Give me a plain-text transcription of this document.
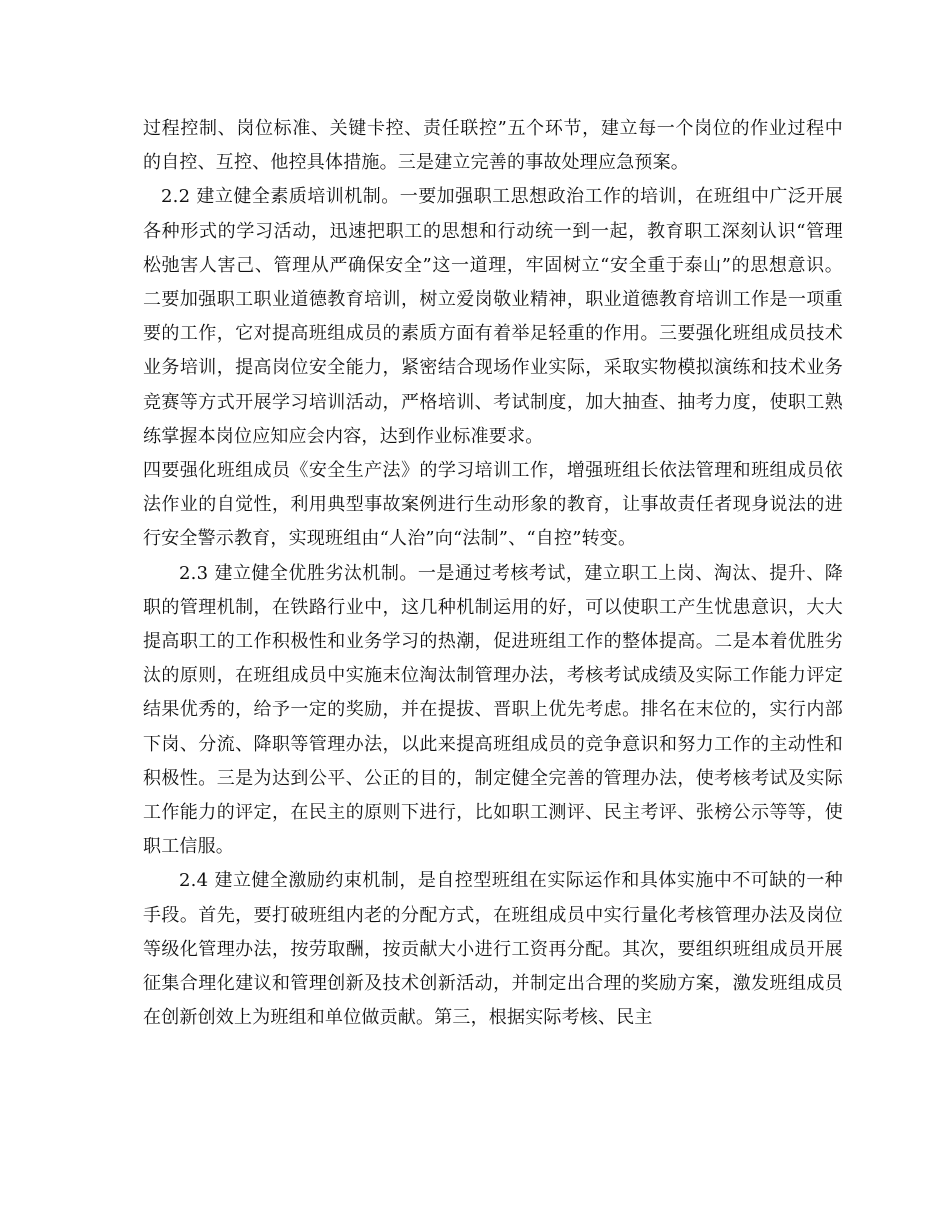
过程控制、岗位标准、关键卡控、责任联控”五个环节，建立每一个岗位的作业过程中的自控、互控、他控具体措施。三是建立完善的事故处理应急预案。

2.2 建立健全素质培训机制。一要加强职工思想政治工作的培训，在班组中广泛开展各种形式的学习活动，迅速把职工的思想和行动统一到一起，教育职工深刻认识“管理松弛害人害己、管理从严确保安全”这一道理，牢固树立“安全重于泰山”的思想意识。二要加强职工职业道德教育培训，树立爱岗敬业精神，职业道德教育培训工作是一项重要的工作，它对提高班组成员的素质方面有着举足轻重的作用。三要强化班组成员技术业务培训，提高岗位安全能力，紧密结合现场作业实际，采取实物模拟演练和技术业务竞赛等方式开展学习培训活动，严格培训、考试制度，加大抽查、抽考力度，使职工熟练掌握本岗位应知应会内容，达到作业标准要求。

四要强化班组成员《安全生产法》的学习培训工作，增强班组长依法管理和班组成员依法作业的自觉性，利用典型事故案例进行生动形象的教育，让事故责任者现身说法的进行安全警示教育，实现班组由“人治”向“法制”、“自控”转变。

2.3 建立健全优胜劣汰机制。一是通过考核考试，建立职工上岗、淘汰、提升、降职的管理机制，在铁路行业中，这几种机制运用的好，可以使职工产生忧患意识，大大提高职工的工作积极性和业务学习的热潮，促进班组工作的整体提高。二是本着优胜劣汰的原则，在班组成员中实施末位淘汰制管理办法，考核考试成绩及实际工作能力评定结果优秀的，给予一定的奖励，并在提拔、晋职上优先考虑。排名在末位的，实行内部下岗、分流、降职等管理办法，以此来提高班组成员的竞争意识和努力工作的主动性和积极性。三是为达到公平、公正的目的，制定健全完善的管理办法，使考核考试及实际工作能力的评定，在民主的原则下进行，比如职工测评、民主考评、张榜公示等等，使职工信服。

2.4 建立健全激励约束机制，是自控型班组在实际运作和具体实施中不可缺的一种手段。首先，要打破班组内老的分配方式，在班组成员中实行量化考核管理办法及岗位等级化管理办法，按劳取酬，按贡献大小进行工资再分配。其次，要组织班组成员开展征集合理化建议和管理创新及技术创新活动，并制定出合理的奖励方案，激发班组成员在创新创效上为班组和单位做贡献。第三，根据实际考核、民主
